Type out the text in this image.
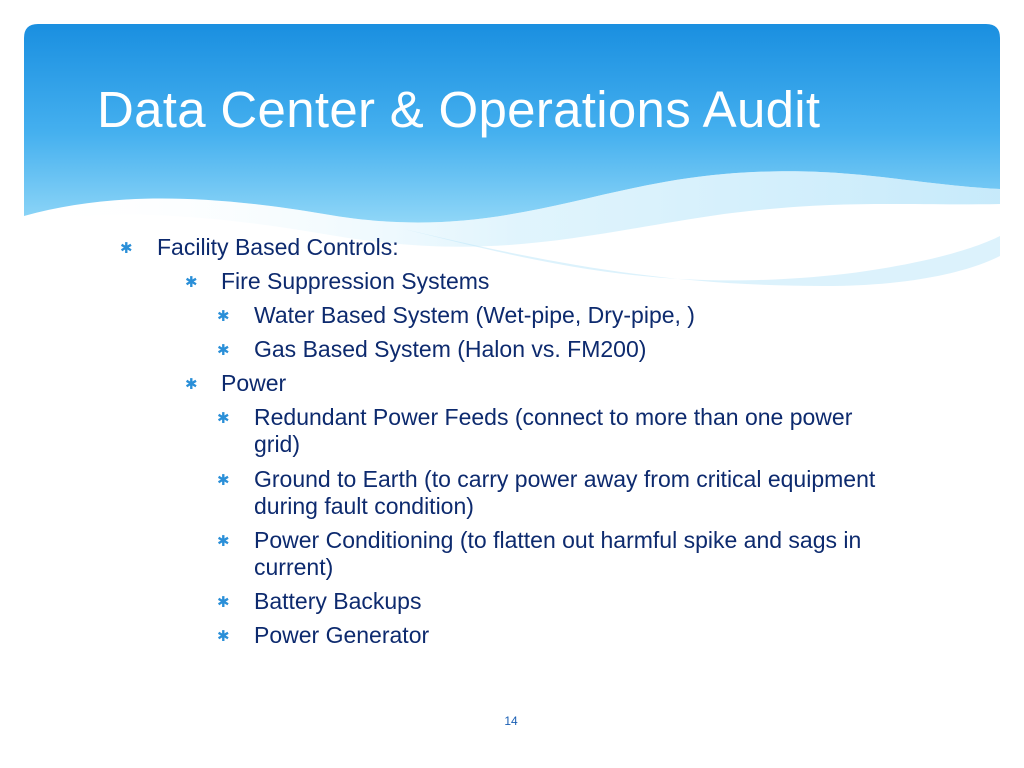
Data Center & Operations Audit
✱ Facility Based Controls:
✱ Fire Suppression Systems
✱ Water Based System (Wet-pipe, Dry-pipe, )
✱ Gas Based System (Halon vs. FM200)
✱ Power
✱ Redundant Power Feeds (connect to more than one power grid)
✱ Ground to Earth (to carry power away from critical equipment during fault condition)
✱ Power Conditioning (to flatten out harmful spike and sags in current)
✱ Battery Backups
✱ Power Generator
14
